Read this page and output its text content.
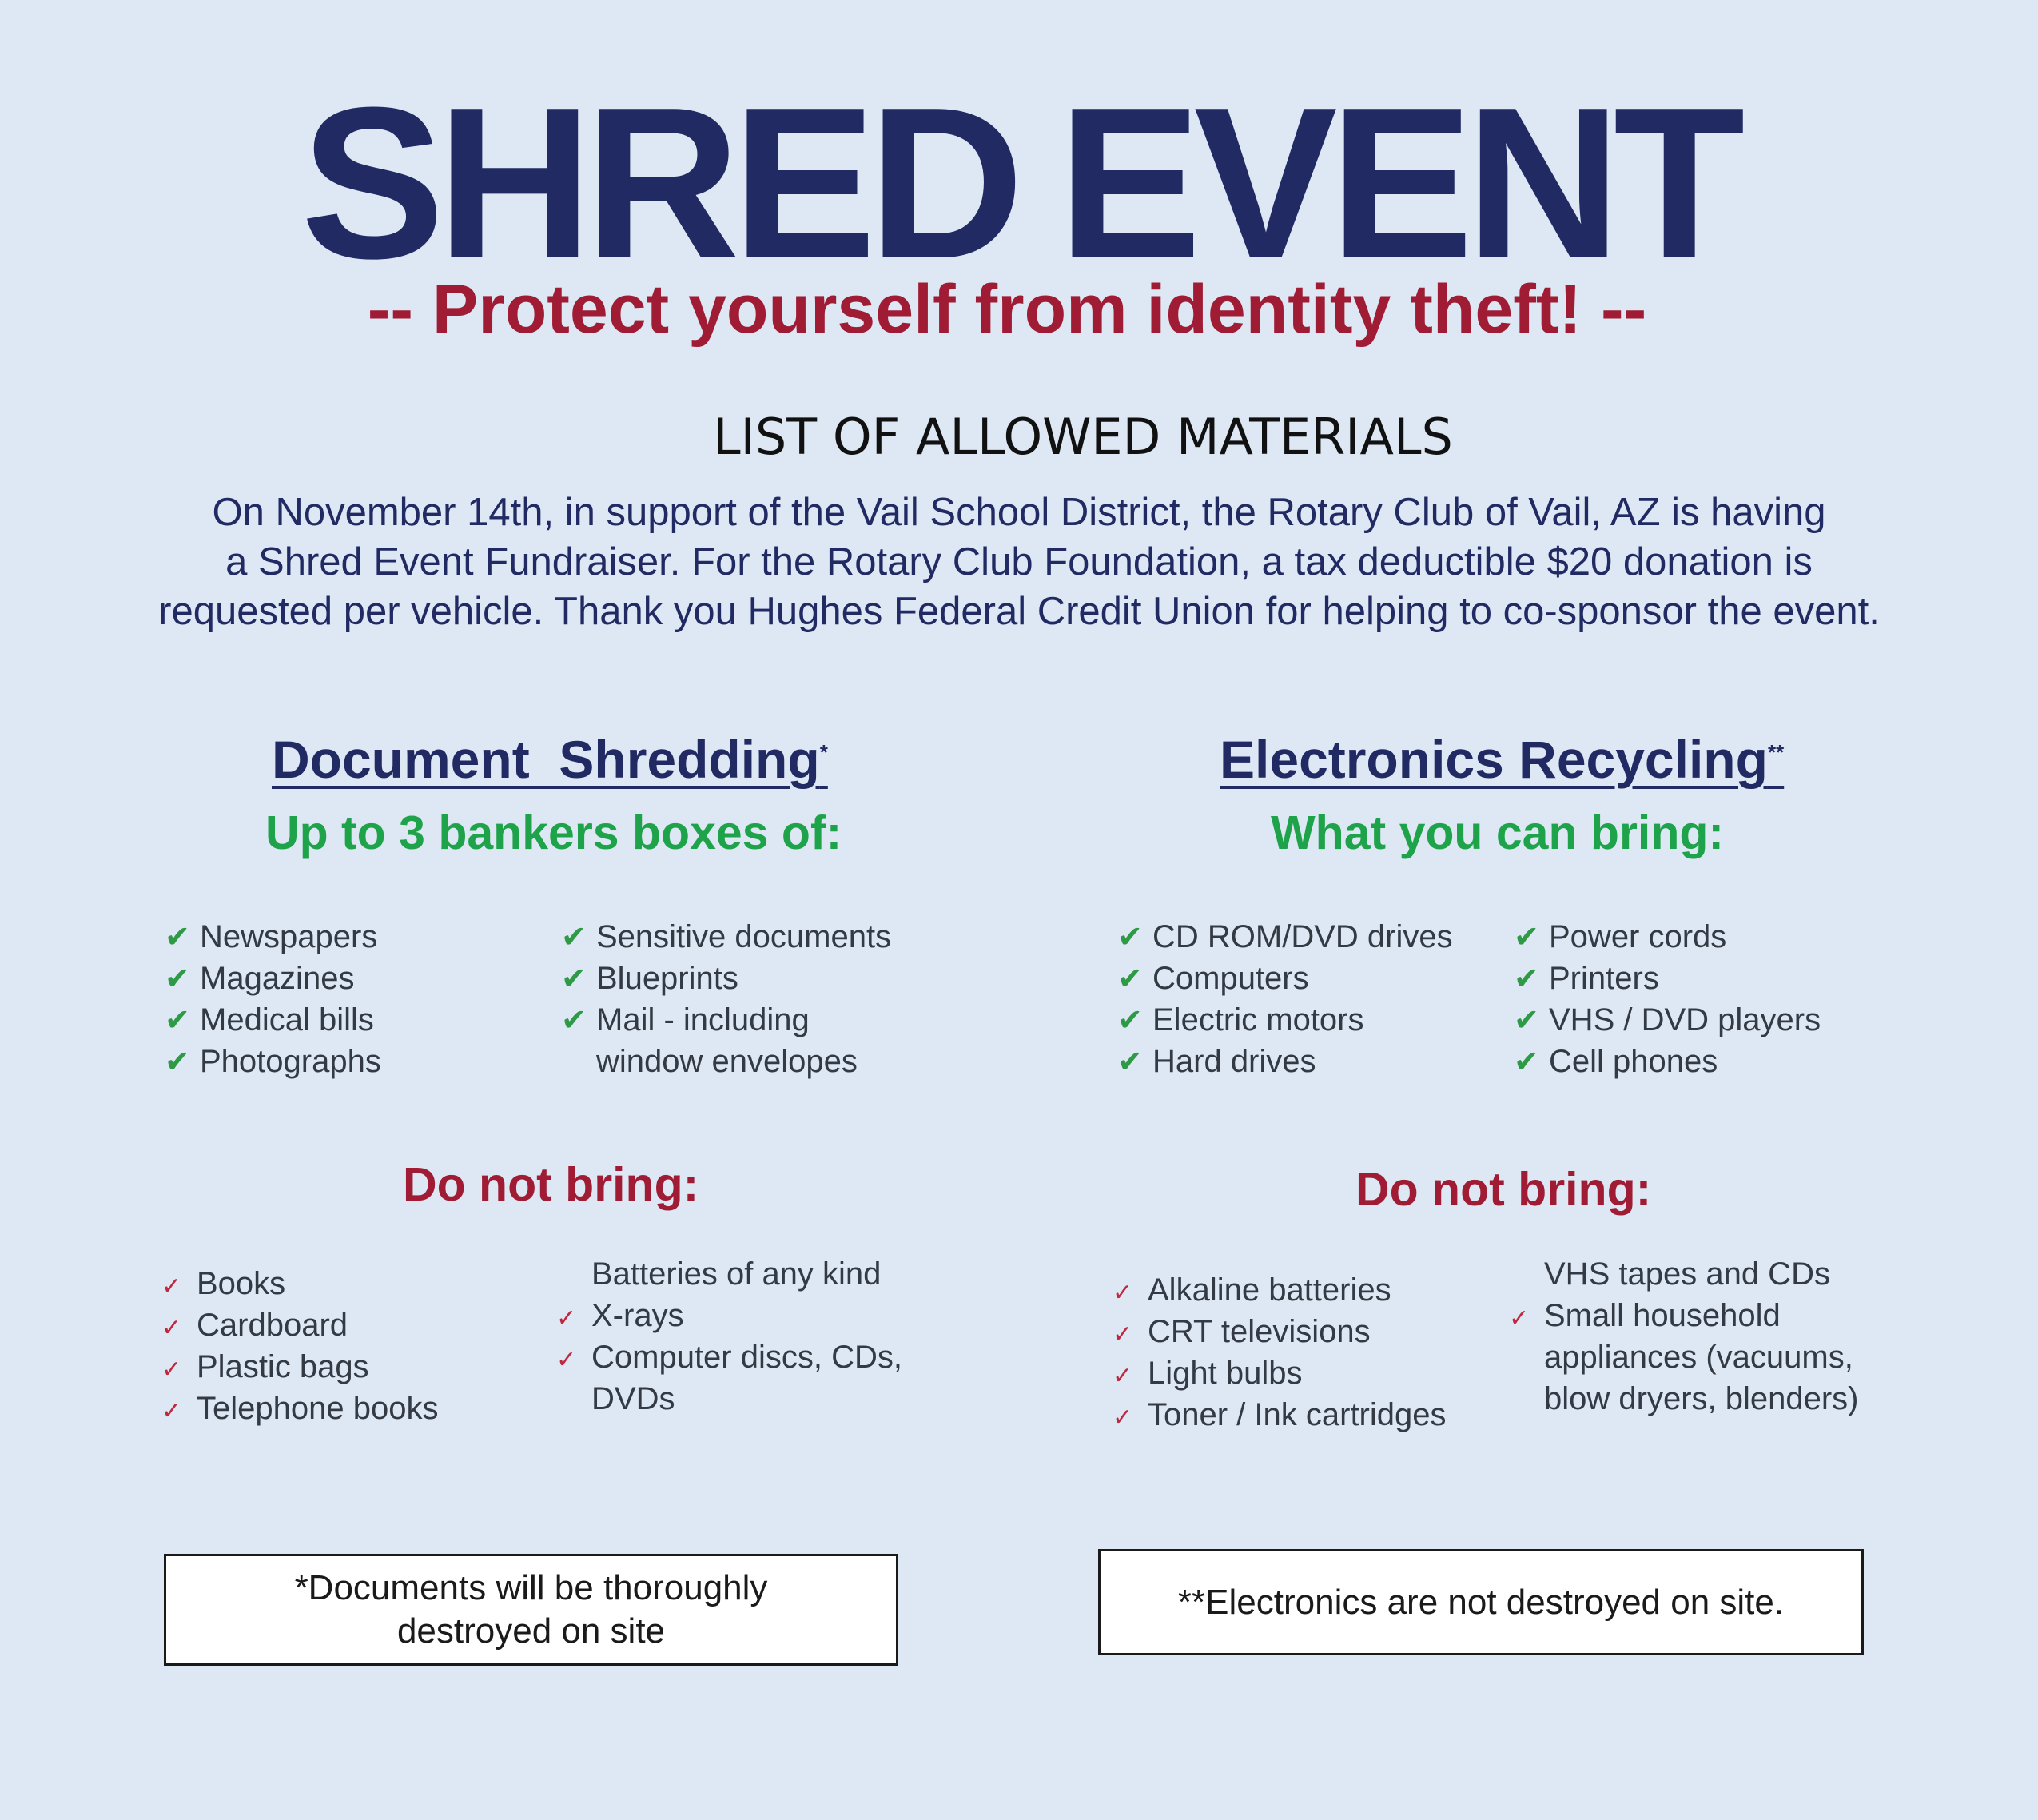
SHRED EVENT
-- Protect yourself from identity theft! --
LIST OF ALLOWED MATERIALS
On November 14th, in support of the Vail School District, the Rotary Club of Vail, AZ is having
a Shred Event Fundraiser. For the Rotary Club Foundation, a tax deductible $20 donation is
requested per vehicle. Thank you Hughes Federal Credit Union for helping to co-sponsor the event.
Document  Shredding*
Up to 3 bankers boxes of:
✔ Newspapers
✔ Magazines
✔ Medical bills
✔ Photographs
✔ Sensitive documents
✔ Blueprints
✔ Mail - including
window envelopes
Do not bring:
✓ Books
✓ Cardboard
✓ Plastic bags
✓ Telephone books
Batteries of any kind
✓ X-rays
✓ Computer discs, CDs,
DVDs
*Documents will be thoroughly
destroyed on site
Electronics Recycling**
What you can bring:
✔ CD ROM/DVD drives
✔ Computers
✔ Electric motors
✔ Hard drives
✔ Power cords
✔ Printers
✔ VHS / DVD players
✔ Cell phones
Do not bring:
✓ Alkaline batteries
✓ CRT televisions
✓ Light bulbs
✓ Toner / Ink cartridges
VHS tapes and CDs
✓ Small household
appliances (vacuums,
blow dryers, blenders)
**Electronics are not destroyed on site.
